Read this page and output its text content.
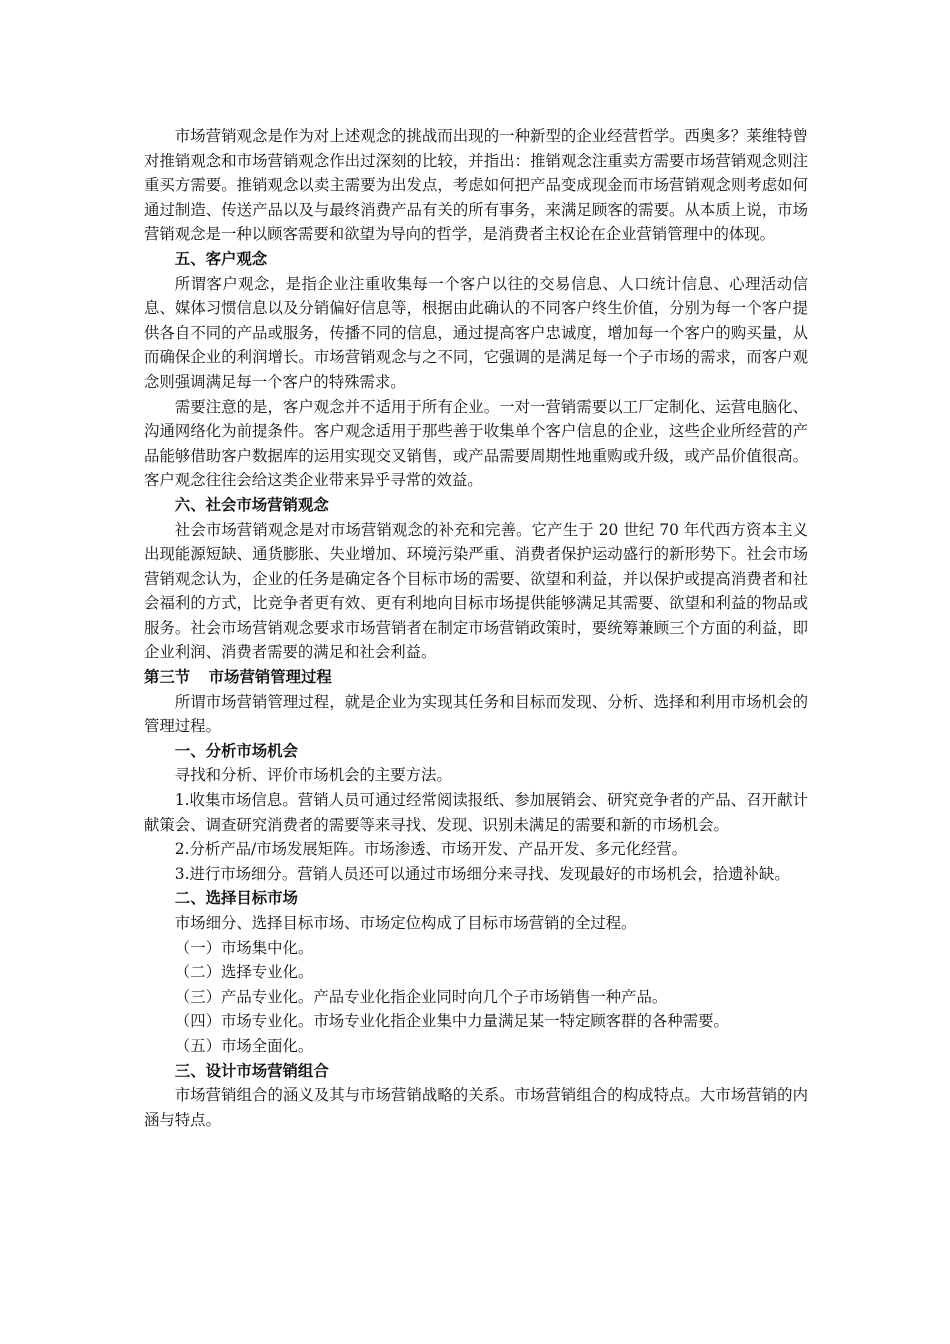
市场营销观念是作为对上述观念的挑战而出现的一种新型的企业经营哲学。西奥多？莱维特曾对推销观念和市场营销观念作出过深刻的比较，并指出：推销观念注重卖方需要市场营销观念则注重买方需要。推销观念以卖主需要为出发点，考虑如何把产品变成现金而市场营销观念则考虑如何通过制造、传送产品以及与最终消费产品有关的所有事务，来满足顾客的需要。从本质上说，市场营销观念是一种以顾客需要和欲望为导向的哲学，是消费者主权论在企业营销管理中的体现。

五、客户观念

所谓客户观念，是指企业注重收集每一个客户以往的交易信息、人口统计信息、心理活动信息、媒体习惯信息以及分销偏好信息等，根据由此确认的不同客户终生价值，分别为每一个客户提供各自不同的产品或服务，传播不同的信息，通过提高客户忠诚度，增加每一个客户的购买量，从而确保企业的利润增长。市场营销观念与之不同，它强调的是满足每一个子市场的需求，而客户观念则强调满足每一个客户的特殊需求。

需要注意的是，客户观念并不适用于所有企业。一对一营销需要以工厂定制化、运营电脑化、沟通网络化为前提条件。客户观念适用于那些善于收集单个客户信息的企业，这些企业所经营的产品能够借助客户数据库的运用实现交叉销售，或产品需要周期性地重购或升级，或产品价值很高。客户观念往往会给这类企业带来异乎寻常的效益。

六、社会市场营销观念

社会市场营销观念是对市场营销观念的补充和完善。它产生于 20 世纪 70 年代西方资本主义出现能源短缺、通货膨胀、失业增加、环境污染严重、消费者保护运动盛行的新形势下。社会市场营销观念认为，企业的任务是确定各个目标市场的需要、欲望和利益，并以保护或提高消费者和社会福利的方式，比竞争者更有效、更有利地向目标市场提供能够满足其需要、欲望和利益的物品或服务。社会市场营销观念要求市场营销者在制定市场营销政策时，要统筹兼顾三个方面的利益，即企业利润、消费者需要的满足和社会利益。

第三节 市场营销管理过程

所谓市场营销管理过程，就是企业为实现其任务和目标而发现、分析、选择和利用市场机会的管理过程。

一、分析市场机会

寻找和分析、评价市场机会的主要方法。

1.收集市场信息。营销人员可通过经常阅读报纸、参加展销会、研究竞争者的产品、召开献计献策会、调查研究消费者的需要等来寻找、发现、识别未满足的需要和新的市场机会。

2.分析产品/市场发展矩阵。市场渗透、市场开发、产品开发、多元化经营。

3.进行市场细分。营销人员还可以通过市场细分来寻找、发现最好的市场机会，拾遗补缺。

二、选择目标市场

市场细分、选择目标市场、市场定位构成了目标市场营销的全过程。

（一）市场集中化。

（二）选择专业化。

（三）产品专业化。产品专业化指企业同时向几个子市场销售一种产品。

（四）市场专业化。市场专业化指企业集中力量满足某一特定顾客群的各种需要。

（五）市场全面化。

三、设计市场营销组合

市场营销组合的涵义及其与市场营销战略的关系。市场营销组合的构成特点。大市场营销的内涵与特点。
